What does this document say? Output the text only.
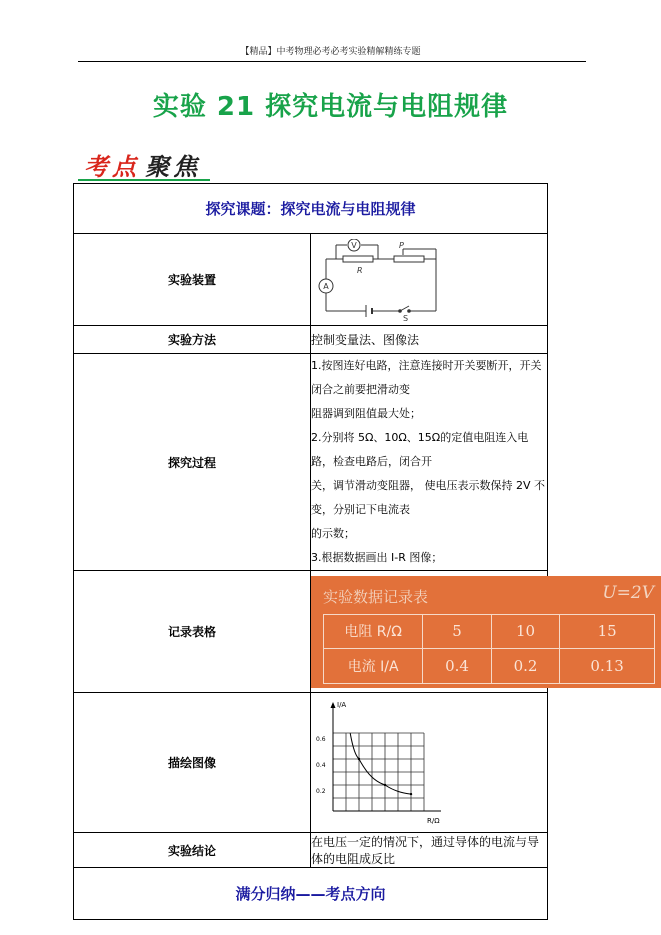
【精品】中考物理必考必考实验精解精练专题
实验 21 探究电流与电阻规律
考 点 聚 焦
探究课题：探究电流与电阻规律
实验装置	
V
A
R
P
S

实验方法	控制变量法、图像法
探究过程	

1.按图连好电路，注意连接时开关要断开，开关闭合之前要把滑动变

阻器调到阻值最大处；

2.分别将 5Ω、10Ω、15Ω的定值电阻连入电路，检查电路后，闭合开

关，调节滑动变阻器， 使电压表示数保持 2V 不变，分别记下电流表

的示数；

3.根据数据画出 I-R 图像；

记录表格	
实验数据记录表	U=2V
电阻 R/Ω	5	10	15
电流 I/A	0.4	0.2	0.13

描绘图像	
I/A
R/Ω
0.6
0.4
0.2

实验结论	在电压一定的情况下，通过导体的电流与导体的电阻成反比
满分归纳——考点方向
